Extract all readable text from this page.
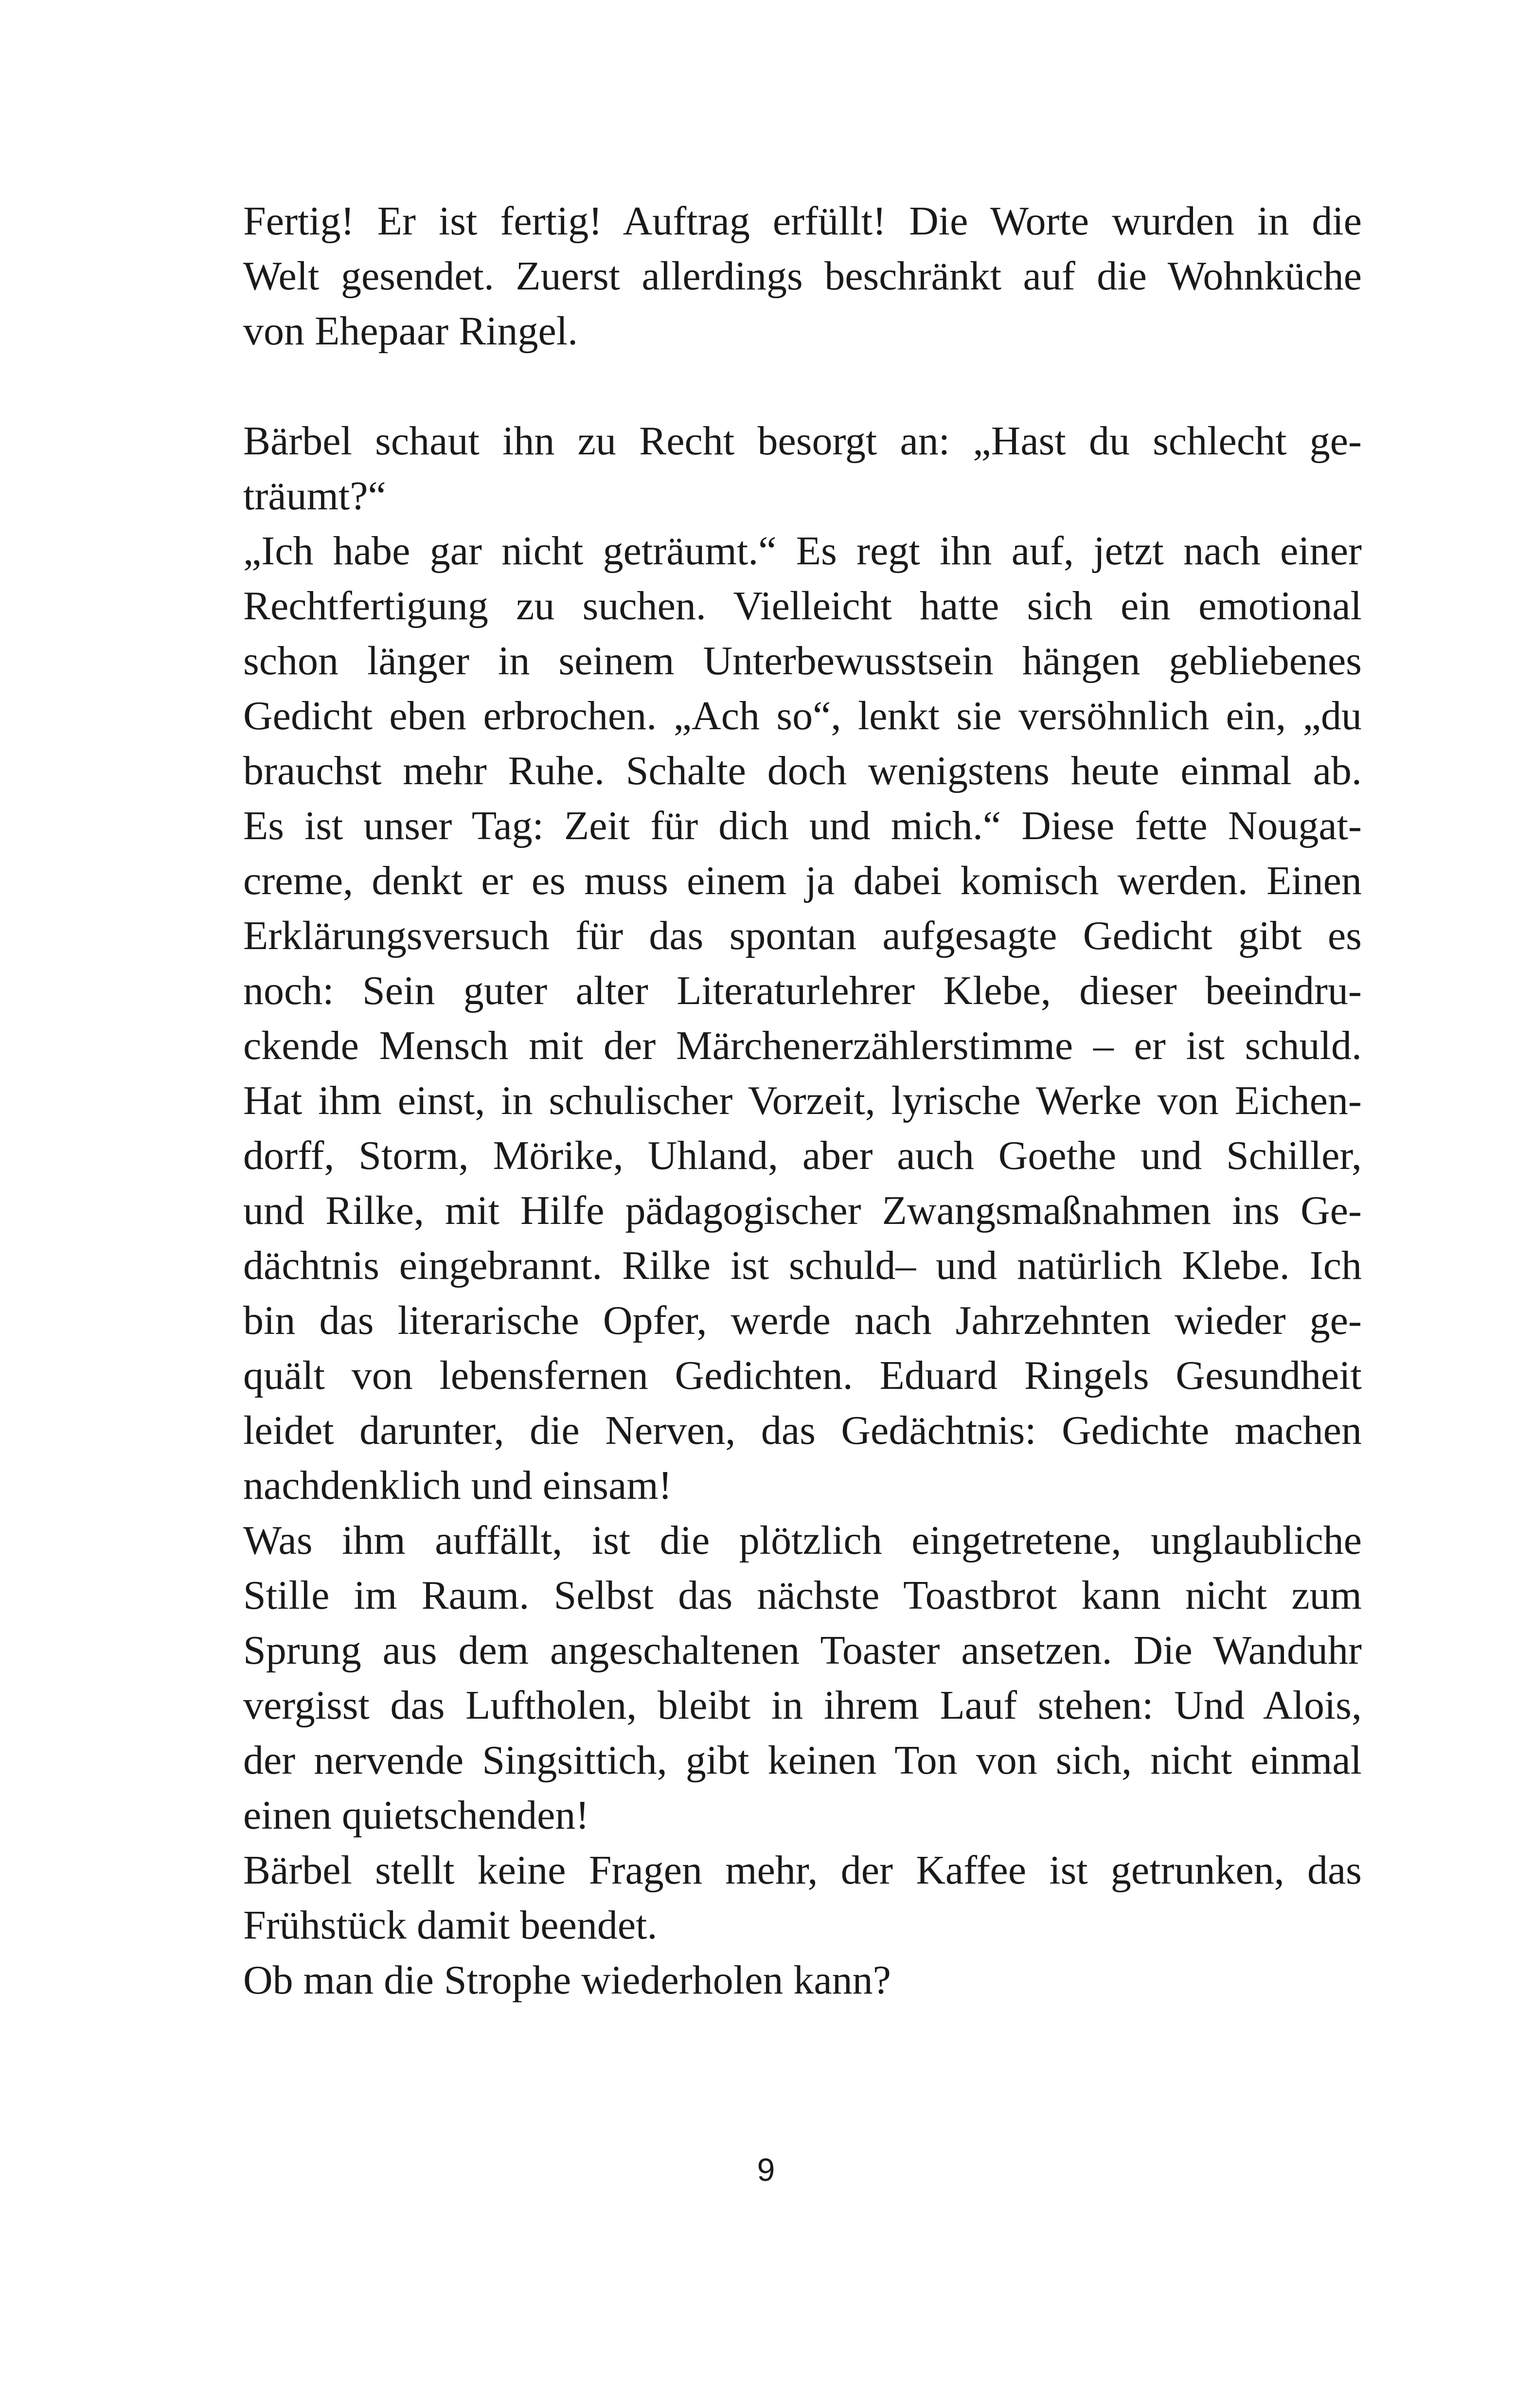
Fertig! Er ist fertig! Auftrag erfüllt! Die Worte wurden in die
Welt gesendet. Zuerst allerdings beschränkt auf die Wohnküche
von Ehepaar Ringel.
Bärbel schaut ihn zu Recht besorgt an: „Hast du schlecht ge-
träumt?“
„Ich habe gar nicht geträumt.“ Es regt ihn auf, jetzt nach einer
Rechtfertigung zu suchen. Vielleicht hatte sich ein emotional
schon länger in seinem Unterbewusstsein hängen gebliebenes
Gedicht eben erbrochen. „Ach so“, lenkt sie versöhnlich ein, „du
brauchst mehr Ruhe. Schalte doch wenigstens heute einmal ab.
Es ist unser Tag: Zeit für dich und mich.“ Diese fette Nougat-
creme, denkt er es muss einem ja dabei komisch werden. Einen
Erklärungsversuch für das spontan aufgesagte Gedicht gibt es
noch: Sein guter alter Literaturlehrer Klebe, dieser beeindru-
ckende Mensch mit der Märchenerzählerstimme – er ist schuld.
Hat ihm einst, in schulischer Vorzeit, lyrische Werke von Eichen-
dorff, Storm, Mörike, Uhland, aber auch Goethe und Schiller,
und Rilke, mit Hilfe pädagogischer Zwangsmaßnahmen ins Ge-
dächtnis eingebrannt. Rilke ist schuld– und natürlich Klebe. Ich
bin das literarische Opfer, werde nach Jahrzehnten wieder ge-
quält von lebensfernen Gedichten. Eduard Ringels Gesundheit
leidet darunter, die Nerven, das Gedächtnis: Gedichte machen
nachdenklich und einsam!
Was ihm auffällt, ist die plötzlich eingetretene, unglaubliche
Stille im Raum. Selbst das nächste Toastbrot kann nicht zum
Sprung aus dem angeschaltenen Toaster ansetzen. Die Wanduhr
vergisst das Luftholen, bleibt in ihrem Lauf stehen: Und Alois,
der nervende Singsittich, gibt keinen Ton von sich, nicht einmal
einen quietschenden!
Bärbel stellt keine Fragen mehr, der Kaffee ist getrunken, das
Frühstück damit beendet.
Ob man die Strophe wiederholen kann?
9
